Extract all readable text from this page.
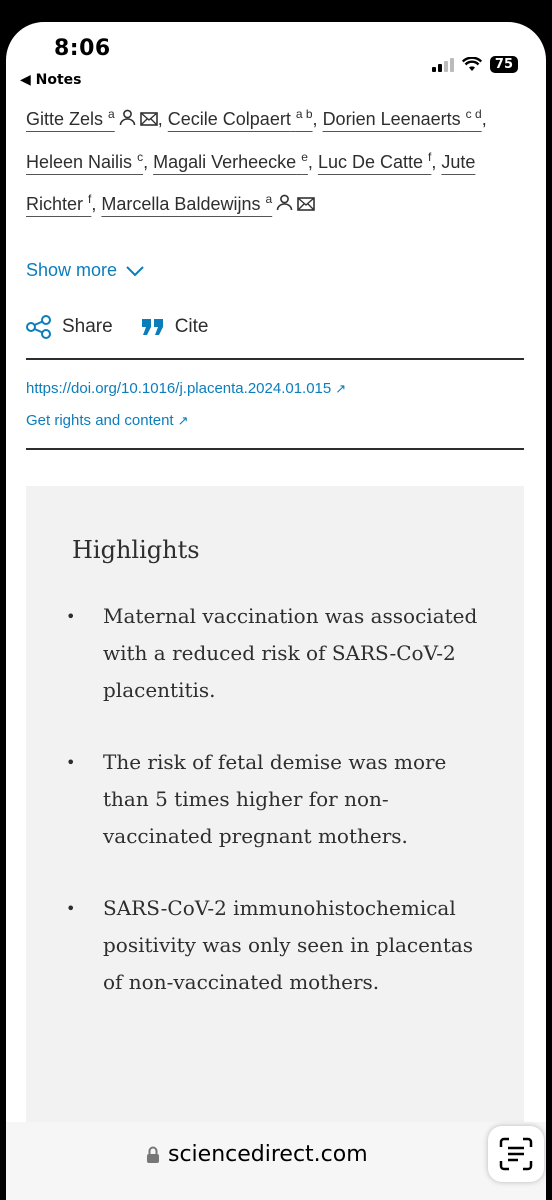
8:06
◀ Notes
75
Gitte Zels $^a$ , Cecile Colpaert $^{a b}$, Dorien Leenaerts $^{c d}$, Heleen Nailis $^c$, Magali Verheecke $^e$, Luc De Catte $^f$, Jute Richter $^f$, Marcella Baldewijns $^a$
Show more
Share	Cite
https://doi.org/10.1016/j.placenta.2024.01.015 ↗
Get rights and content ↗
Highlights
• Maternal vaccination was associated with a reduced risk of SARS-CoV-2 placentitis.
• The risk of fetal demise was more than 5 times higher for non-vaccinated pregnant mothers.
• SARS-CoV-2 immunohistochemical positivity was only seen in placentas of non-vaccinated mothers.
sciencedirect.com
